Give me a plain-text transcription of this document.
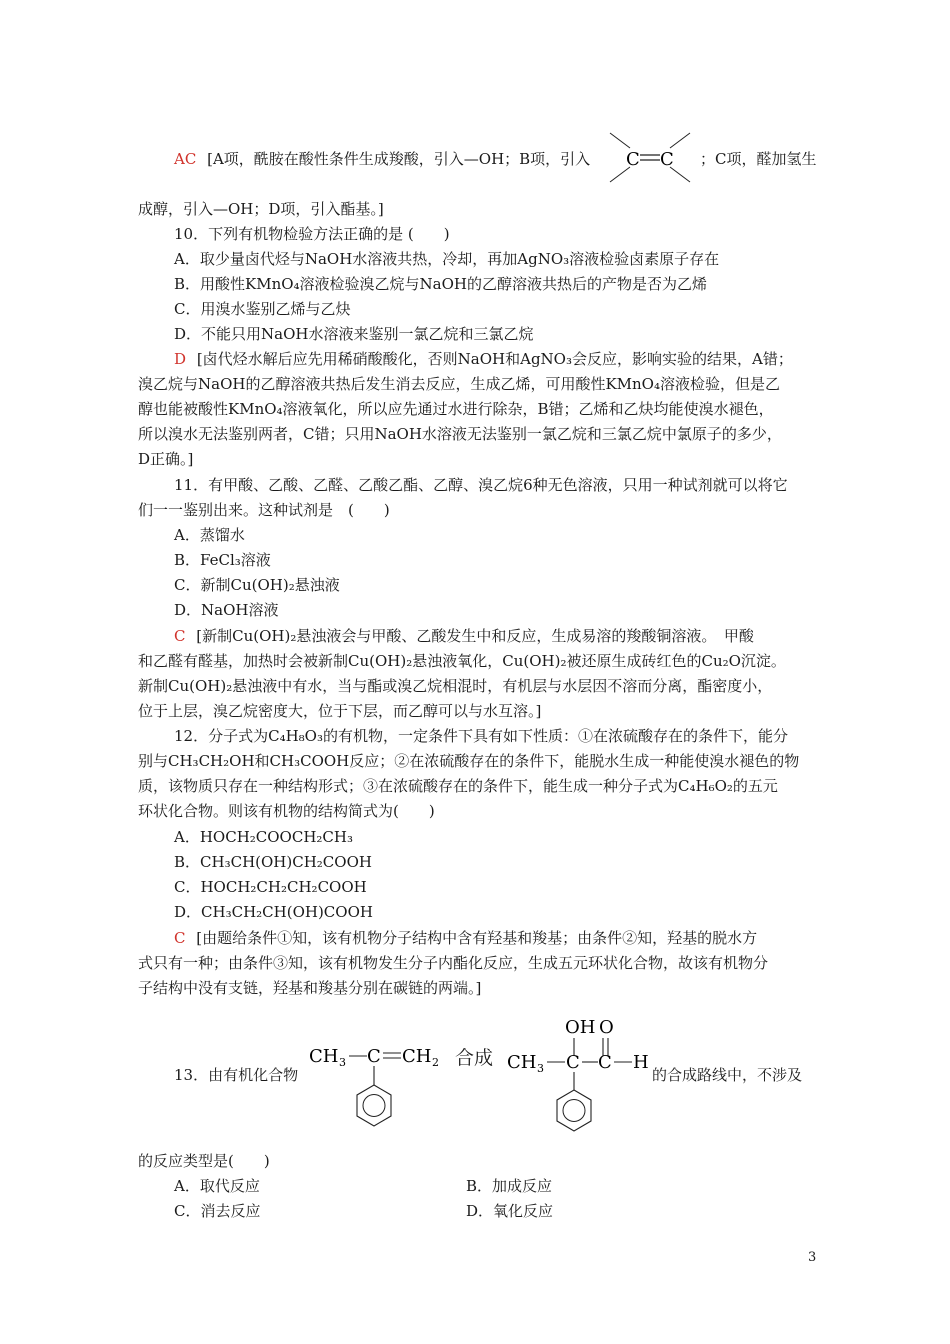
AC [A项，酰胺在酸性条件生成羧酸，引入—OH；B项，引入 C C ；C项，醛加氢生
成醇，引入—OH；D项，引入酯基。]
10．下列有机物检验方法正确的是 (　　)
A．取少量卤代烃与NaOH水溶液共热，冷却，再加AgNO₃溶液检验卤素原子存在
B．用酸性KMnO₄溶液检验溴乙烷与NaOH的乙醇溶液共热后的产物是否为乙烯
C．用溴水鉴别乙烯与乙炔
D．不能只用NaOH水溶液来鉴别一氯乙烷和三氯乙烷
D [卤代烃水解后应先用稀硝酸酸化，否则NaOH和AgNO₃会反应，影响实验的结果，A错；
溴乙烷与NaOH的乙醇溶液共热后发生消去反应，生成乙烯，可用酸性KMnO₄溶液检验，但是乙
醇也能被酸性KMnO₄溶液氧化，所以应先通过水进行除杂，B错；乙烯和乙炔均能使溴水褪色，
所以溴水无法鉴别两者，C错；只用NaOH水溶液无法鉴别一氯乙烷和三氯乙烷中氯原子的多少，
D正确。]
11．有甲酸、乙酸、乙醛、乙酸乙酯、乙醇、溴乙烷6种无色溶液，只用一种试剂就可以将它
们一一鉴别出来。这种试剂是　(　　)
A．蒸馏水
B．FeCl₃溶液
C．新制Cu(OH)₂悬浊液
D．NaOH溶液
C [新制Cu(OH)₂悬浊液会与甲酸、乙酸发生中和反应，生成易溶的羧酸铜溶液。　甲酸
和乙醛有醛基，加热时会被新制Cu(OH)₂悬浊液氧化，Cu(OH)₂被还原生成砖红色的Cu₂O沉淀。
新制Cu(OH)₂悬浊液中有水，当与酯或溴乙烷相混时，有机层与水层因不溶而分离，酯密度小，
位于上层，溴乙烷密度大，位于下层，而乙醇可以与水互溶。]
12．分子式为C₄H₈O₃的有机物，一定条件下具有如下性质：①在浓硫酸存在的条件下，能分
别与CH₃CH₂OH和CH₃COOH反应；②在浓硫酸存在的条件下，能脱水生成一种能使溴水褪色的物
质，该物质只存在一种结构形式；③在浓硫酸存在的条件下，能生成一种分子式为C₄H₆O₂的五元
环状化合物。则该有机物的结构简式为(　　)
A．HOCH₂COOCH₂CH₃
B．CH₃CH(OH)CH₂COOH
C．HOCH₂CH₂CH₂COOH
D．CH₃CH₂CH(OH)COOH
C [由题给条件①知，该有机物分子结构中含有羟基和羧基；由条件②知，羟基的脱水方
式只有一种；由条件③知，该有机物发生分子内酯化反应，生成五元环状化合物，故该有机物分
子结构中没有支链，羟基和羧基分别在碳链的两端。]
13．由有机化合物
CH 3 C CH 2 合成
OH O
CH 3 C C H
的合成路线中，不涉及
的反应类型是(　　)
A．取代反应	B．加成反应
C．消去反应	D．氧化反应
3
